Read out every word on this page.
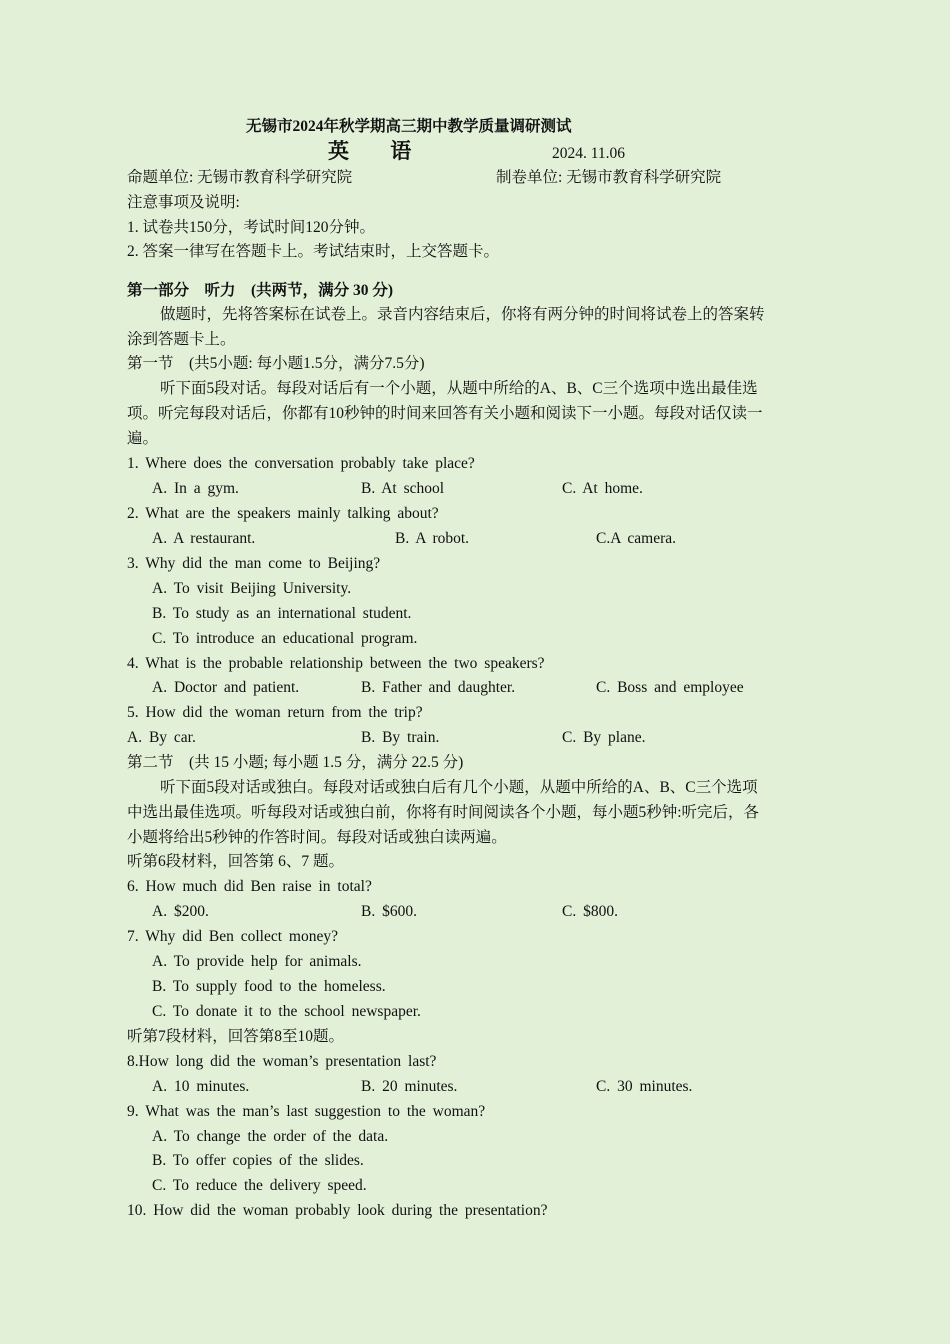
无锡市2024年秋学期高三期中教学质量调研测试
英 语	2024. 11.06
命题单位: 无锡市教育科学研究院	制卷单位: 无锡市教育科学研究院
注意事项及说明:
1. 试卷共150分，考试时间120分钟。
2. 答案一律写在答题卡上。考试结束时，上交答题卡。
第一部分　听力　(共两节，满分 30 分)
做题时，先将答案标在试卷上。录音内容结束后，你将有两分钟的时间将试卷上的答案转
涂到答题卡上。
第一节　(共5小题: 每小题1.5分，满分7.5分)
听下面5段对话。每段对话后有一个小题，从题中所给的A、B、C三个选项中选出最佳选
项。听完每段对话后，你都有10秒钟的时间来回答有关小题和阅读下一小题。每段对话仅读一
遍。
1. Where does the conversation probably take place?
A. In a gym.	B. At school	C. At home.
2. What are the speakers mainly talking about?
A. A restaurant.	B. A robot.	C.A camera.
3. Why did the man come to Beijing?
A. To visit Beijing University.
B. To study as an international student.
C. To introduce an educational program.
4. What is the probable relationship between the two speakers?
A. Doctor and patient.	B. Father and daughter.	C. Boss and employee
5. How did the woman return from the trip?
A. By car.	B. By train.	C. By plane.
第二节　(共 15 小题; 每小题 1.5 分，满分 22.5 分)
听下面5段对话或独白。每段对话或独白后有几个小题，从题中所给的A、B、C三个选项
中选出最佳选项。听每段对话或独白前，你将有时间阅读各个小题，每小题5秒钟:听完后，各
小题将给出5秒钟的作答时间。每段对话或独白读两遍。
听第6段材料，回答第 6、7 题。
6. How much did Ben raise in total?
A. $200.	B. $600.	C. $800.
7. Why did Ben collect money?
A. To provide help for animals.
B. To supply food to the homeless.
C. To donate it to the school newspaper.
听第7段材料，回答第8至10题。
8.How long did the woman’s presentation last?
A. 10 minutes.	B. 20 minutes.	C. 30 minutes.
9. What was the man’s last suggestion to the woman?
A. To change the order of the data.
B. To offer copies of the slides.
C. To reduce the delivery speed.
10. How did the woman probably look during the presentation?
